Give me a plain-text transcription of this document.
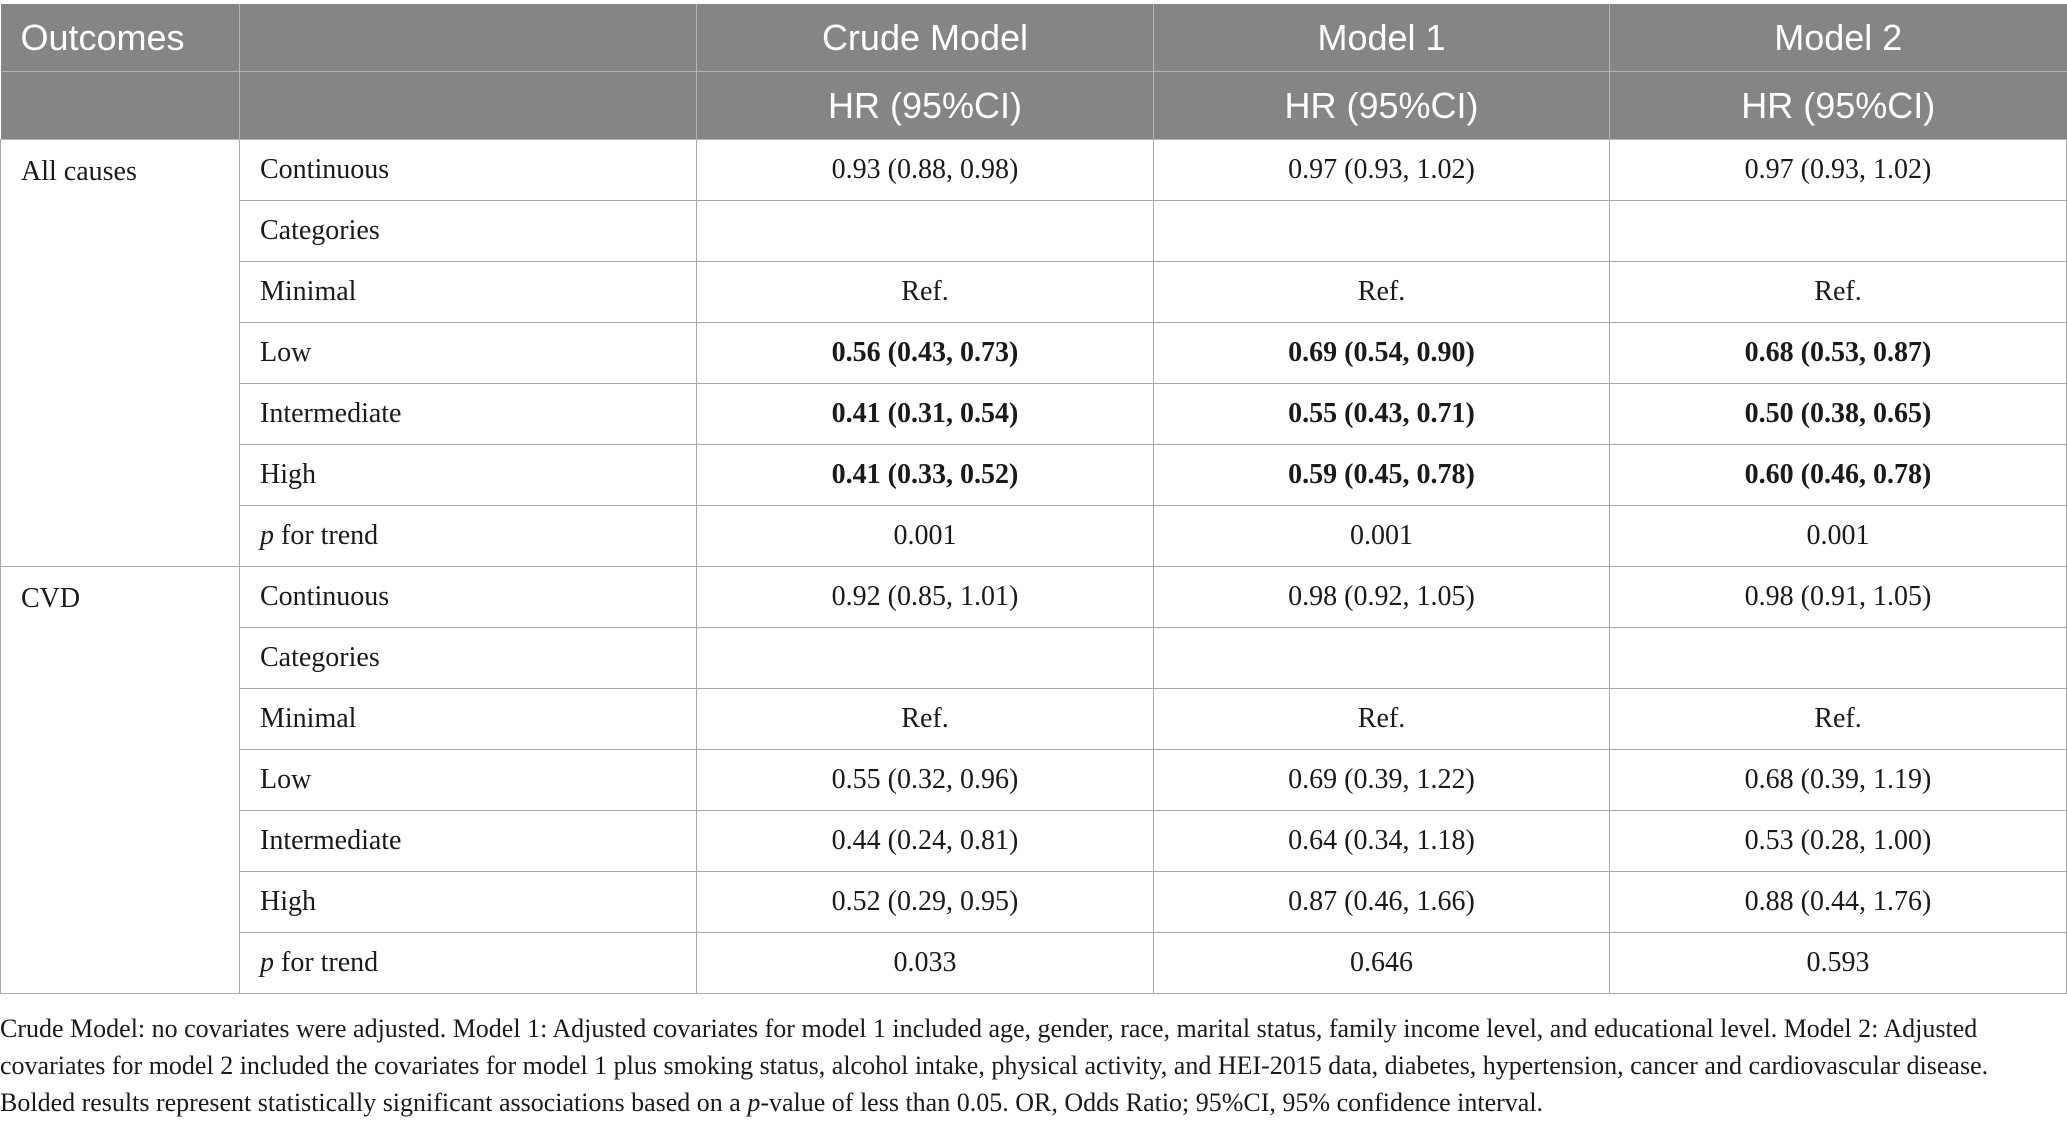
Outcomes		Crude Model	Model 1	Model 2
		HR (95%CI)	HR (95%CI)	HR (95%CI)
All causes	Continuous	0.93 (0.88, 0.98)	0.97 (0.93, 1.02)	0.97 (0.93, 1.02)
	Categories			
	Minimal	Ref.	Ref.	Ref.
	Low	0.56 (0.43, 0.73)	0.69 (0.54, 0.90)	0.68 (0.53, 0.87)
	Intermediate	0.41 (0.31, 0.54)	0.55 (0.43, 0.71)	0.50 (0.38, 0.65)
	High	0.41 (0.33, 0.52)	0.59 (0.45, 0.78)	0.60 (0.46, 0.78)
	p for trend	0.001	0.001	0.001
CVD	Continuous	0.92 (0.85, 1.01)	0.98 (0.92, 1.05)	0.98 (0.91, 1.05)
	Categories			
	Minimal	Ref.	Ref.	Ref.
	Low	0.55 (0.32, 0.96)	0.69 (0.39, 1.22)	0.68 (0.39, 1.19)
	Intermediate	0.44 (0.24, 0.81)	0.64 (0.34, 1.18)	0.53 (0.28, 1.00)
	High	0.52 (0.29, 0.95)	0.87 (0.46, 1.66)	0.88 (0.44, 1.76)
	p for trend	0.033	0.646	0.593
Crude Model: no covariates were adjusted. Model 1: Adjusted covariates for model 1 included age, gender, race, marital status, family income level, and educational level. Model 2: Adjusted
covariates for model 2 included the covariates for model 1 plus smoking status, alcohol intake, physical activity, and HEI-2015 data, diabetes, hypertension, cancer and cardiovascular disease.
Bolded results represent statistically significant associations based on a p-value of less than 0.05. OR, Odds Ratio; 95%CI, 95% confidence interval.
